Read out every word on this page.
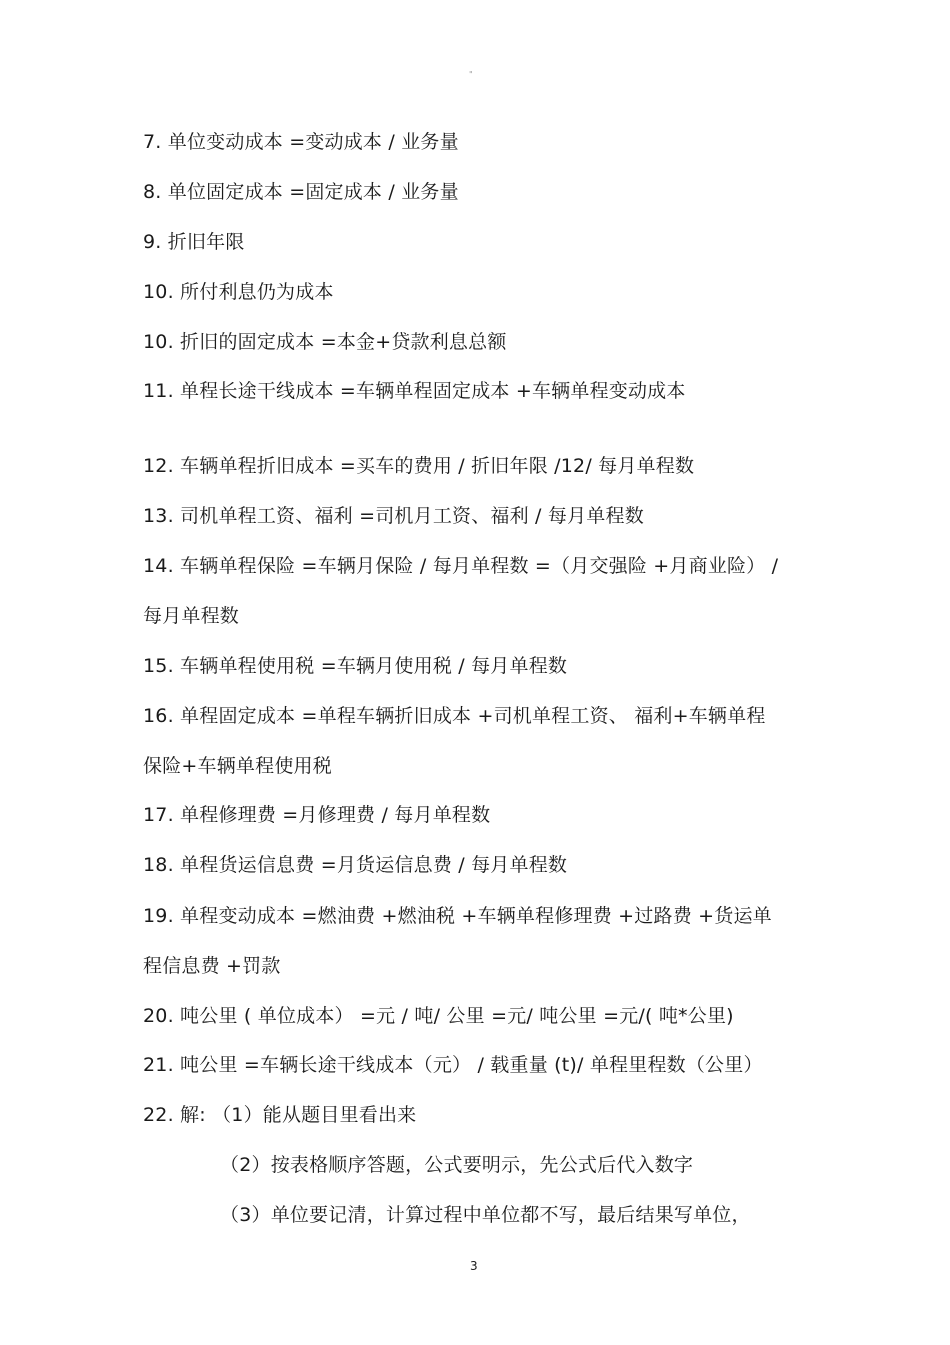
"
7. 单位变动成本 =变动成本 / 业务量
8. 单位固定成本 =固定成本 / 业务量
9. 折旧年限
10. 所付利息仍为成本
10. 折旧的固定成本 =本金+贷款利息总额
11. 单程长途干线成本 =车辆单程固定成本 +车辆单程变动成本
12. 车辆单程折旧成本 =买车的费用 / 折旧年限 /12/ 每月单程数
13. 司机单程工资、福利 =司机月工资、福利 / 每月单程数
14. 车辆单程保险 =车辆月保险 / 每月单程数 =（月交强险 +月商业险） /
每月单程数
15. 车辆单程使用税 =车辆月使用税 / 每月单程数
16. 单程固定成本 =单程车辆折旧成本 +司机单程工资、 福利+车辆单程
保险+车辆单程使用税
17. 单程修理费 =月修理费 / 每月单程数
18. 单程货运信息费 =月货运信息费 / 每月单程数
19. 单程变动成本 =燃油费 +燃油税 +车辆单程修理费 +过路费 +货运单
程信息费 +罚款
20. 吨公里 ( 单位成本） =元 / 吨/ 公里 =元/ 吨公里 =元/( 吨*公里)
21. 吨公里 =车辆长途干线成本（元） / 载重量 (t)/ 单程里程数（公里）
22. 解: （1）能从题目里看出来
（2）按表格顺序答题，公式要明示，先公式后代入数字
（3）单位要记清，计算过程中单位都不写，最后结果写单位，
3
